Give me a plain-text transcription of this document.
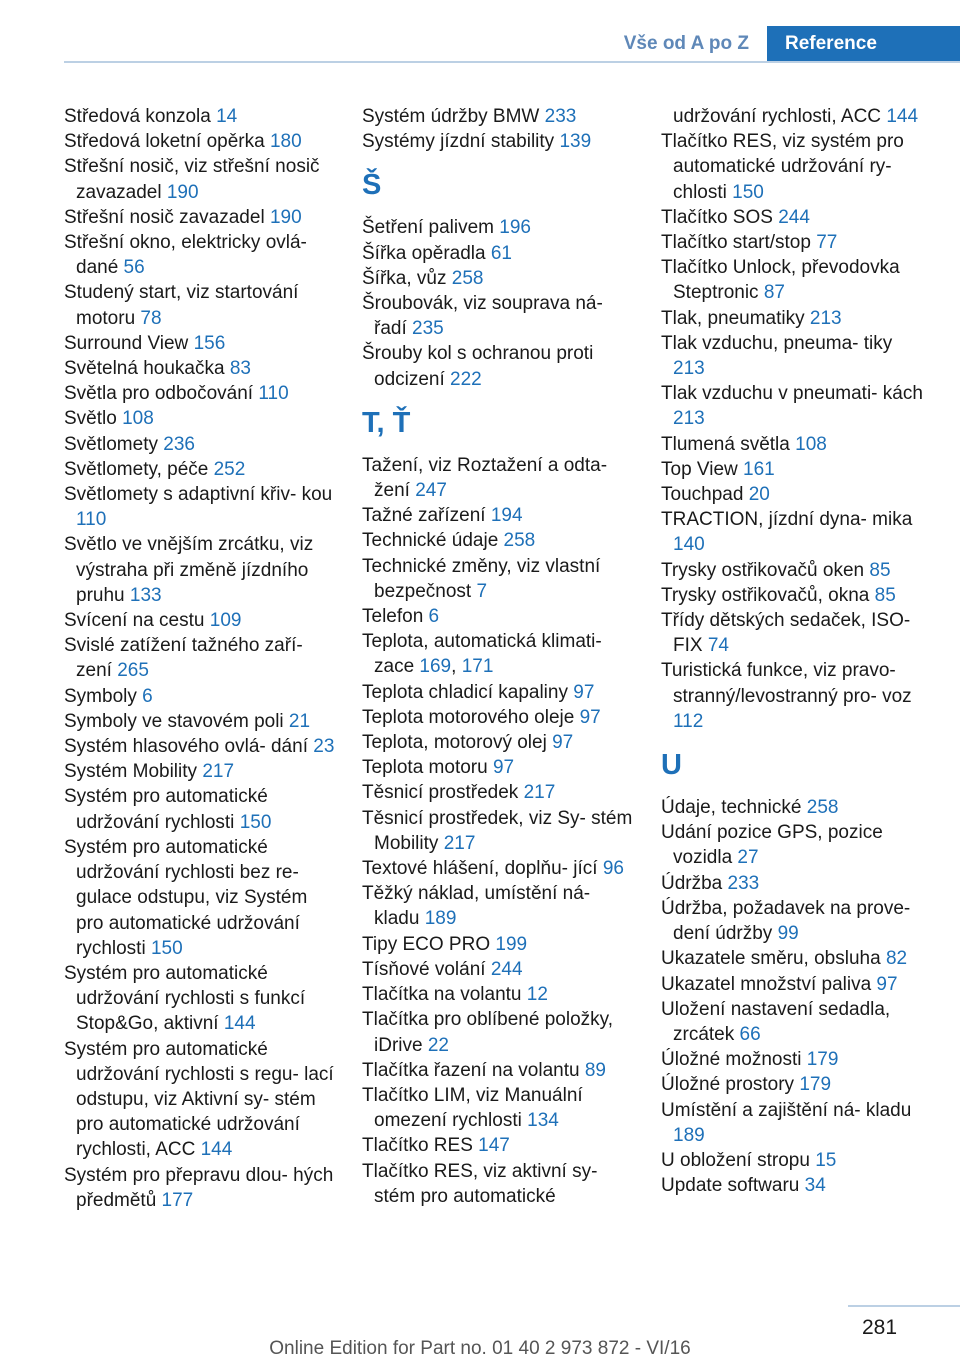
Vše od A po Z	Reference

Středová konzola 14

Středová loketní opěrka 180

Střešní nosič, viz střešní nosič zavazadel 190

Střešní nosič zavazadel 190

Střešní okno, elektricky ovlá‐ dané 56

Studený start, viz startování motoru 78

Surround View 156

Světelná houkačka 83

Světla pro odbočování 110

Světlo 108

Světlomety 236

Světlomety, péče 252

Světlomety s adaptivní křiv‐ kou 110

Světlo ve vnějším zrcátku, viz výstraha při změně jízdního pruhu 133

Svícení na cestu 109

Svislé zatížení tažného zaří‐ zení 265

Symboly 6

Symboly ve stavovém poli 21

Systém hlasového ovlá‐ dání 23

Systém Mobility 217

Systém pro automatické udržování rychlosti 150

Systém pro automatické udržování rychlosti bez re‐ gulace odstupu, viz Systém pro automatické udržování rychlosti 150

Systém pro automatické udržování rychlosti s funkcí Stop&Go, aktivní 144

Systém pro automatické udržování rychlosti s regu‐ lací odstupu, viz Aktivní sy‐ stém pro automatické udržování rychlosti, ACC 144

Systém pro přepravu dlou‐ hých předmětů 177

Systém údržby BMW 233

Systémy jízdní stability 139

Š

Šetření palivem 196

Šířka opěradla 61

Šířka, vůz 258

Šroubovák, viz souprava ná‐ řadí 235

Šrouby kol s ochranou proti odcizení 222

T, Ť

Tažení, viz Roztažení a odta‐ žení 247

Tažné zařízení 194

Technické údaje 258

Technické změny, viz vlastní bezpečnost 7

Telefon 6

Teplota, automatická klimati‐ zace 169, 171

Teplota chladicí kapaliny 97

Teplota motorového oleje 97

Teplota, motorový olej 97

Teplota motoru 97

Těsnicí prostředek 217

Těsnicí prostředek, viz Sy‐ stém Mobility 217

Textové hlášení, doplňu‐ jící 96

Těžký náklad, umístění ná‐ kladu 189

Tipy ECO PRO 199

Tísňové volání 244

Tlačítka na volantu 12

Tlačítka pro oblíbené položky, iDrive 22

Tlačítka řazení na volantu 89

Tlačítko LIM, viz Manuální omezení rychlosti 134

Tlačítko RES 147

Tlačítko RES, viz aktivní sy‐ stém pro automatické

udržování rychlosti, ACC 144

Tlačítko RES, viz systém pro automatické udržování ry‐ chlosti 150

Tlačítko SOS 244

Tlačítko start/stop 77

Tlačítko Unlock, převodovka Steptronic 87

Tlak, pneumatiky 213

Tlak vzduchu, pneuma‐ tiky 213

Tlak vzduchu v pneumati‐ kách 213

Tlumená světla 108

Top View 161

Touchpad 20

TRACTION, jízdní dyna‐ mika 140

Trysky ostřikovačů oken 85

Trysky ostřikovačů, okna 85

Třídy dětských sedaček, ISO‐ FIX 74

Turistická funkce, viz pravo‐ stranný/levostranný pro‐ voz 112

U

Údaje, technické 258

Udání pozice GPS, pozice vozidla 27

Údržba 233

Údržba, požadavek na prove‐ dení údržby 99

Ukazatele směru, obsluha 82

Ukazatel množství paliva 97

Uložení nastavení sedadla, zrcátek 66

Úložné možnosti 179

Úložné prostory 179

Umístění a zajištění ná‐ kladu 189

U obložení stropu 15

Update softwaru 34

281
Online Edition for Part no. 01 40 2 973 872 - VI/16
